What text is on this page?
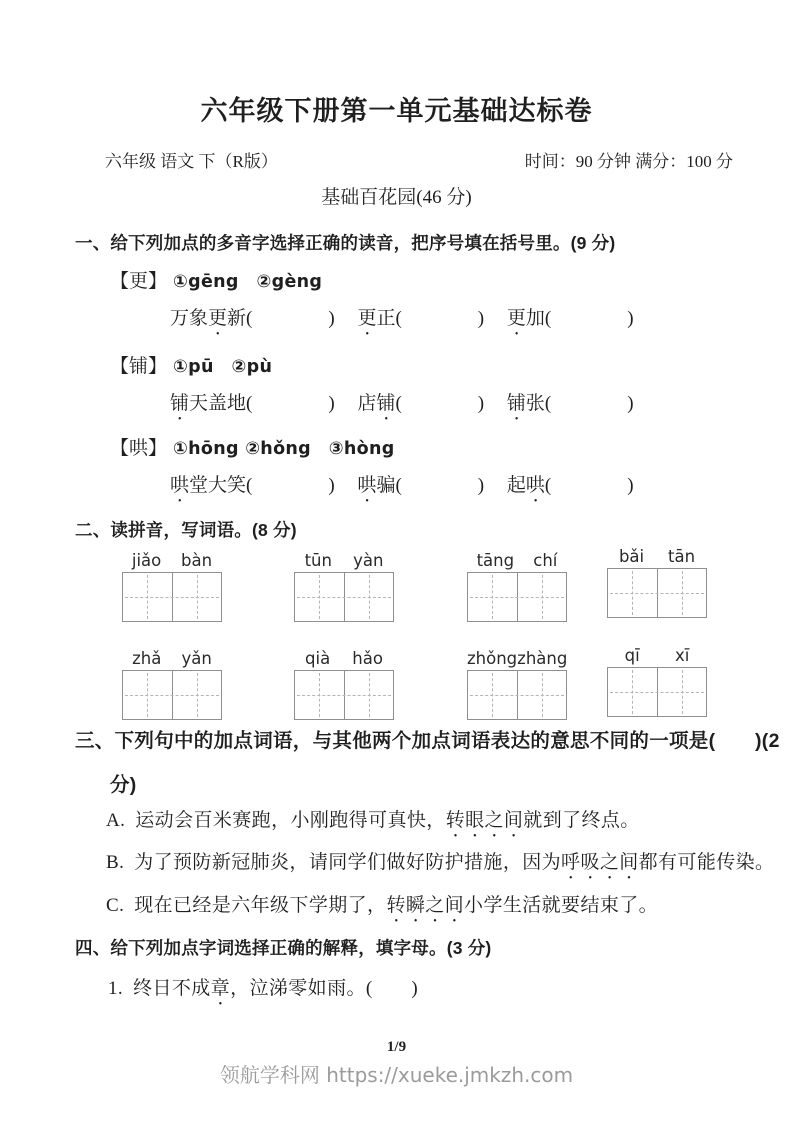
六年级下册第一单元基础达标卷
六年级 语文 下（R版）	时间：90 分钟 满分：100 分
基础百花园(46 分)
一、给下列加点的多音字选择正确的读音，把序号填在括号里。(9 分)
【更】 ①gēng　②gèng
万象更新(　　　　) 更正(　　　　) 更加(　　　　)
【铺】 ①pū　②pù
铺天盖地(　　　　) 店铺(　　　　) 铺张(　　　　)
【哄】 ①hōng ②hǒng　③hòng
哄堂大笑(　　　　) 哄骗(　　　　) 起哄(　　　　)
二、读拼音，写词语。(8 分)
jiǎo bàn	tūn yàn	tāng chí	bǎi tān
zhǎ yǎn	qià hǎo	zhǒng zhàng	qī xī
三、下列句中的加点词语，与其他两个加点词语表达的意思不同的一项是(　　)(2
分)
A. 运动会百米赛跑，小刚跑得可真快，转眼之间就到了终点。
B. 为了预防新冠肺炎，请同学们做好防护措施，因为呼吸之间都有可能传染。
C. 现在已经是六年级下学期了，转瞬之间小学生活就要结束了。
四、给下列加点字词选择正确的解释，填字母。(3 分)
1. 终日不成章，泣涕零如雨。(　　)
1/9
领航学科网 https://xueke.jmkzh.com
